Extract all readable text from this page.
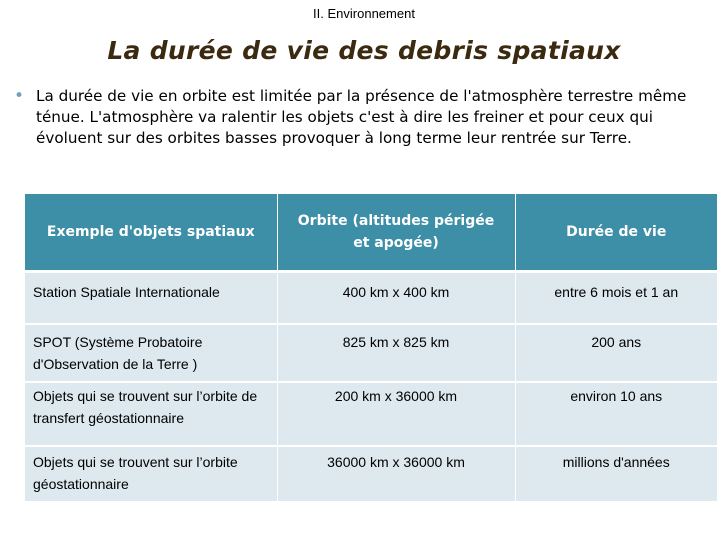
II. Environnement
La durée de vie des debris spatiaux
• La durée de vie en orbite est limitée par la présence de l'atmosphère terrestre même ténue. L'atmosphère va ralentir les objets c'est à dire les freiner et pour ceux qui évoluent sur des orbites basses provoquer à long terme leur rentrée sur Terre.
Exemple d'objets spatiaux	Orbite (altitudes périgée et apogée)	Durée de vie
Station Spatiale Internationale	400 km x 400 km	entre 6 mois et 1 an
SPOT (Système Probatoire d'Observation de la Terre )	825 km x 825 km	200 ans
Objets qui se trouvent sur l’orbite de transfert géostationnaire	200 km x 36000 km	environ 10 ans
Objets qui se trouvent sur l’orbite géostationnaire	36000 km x 36000 km	millions d'années
